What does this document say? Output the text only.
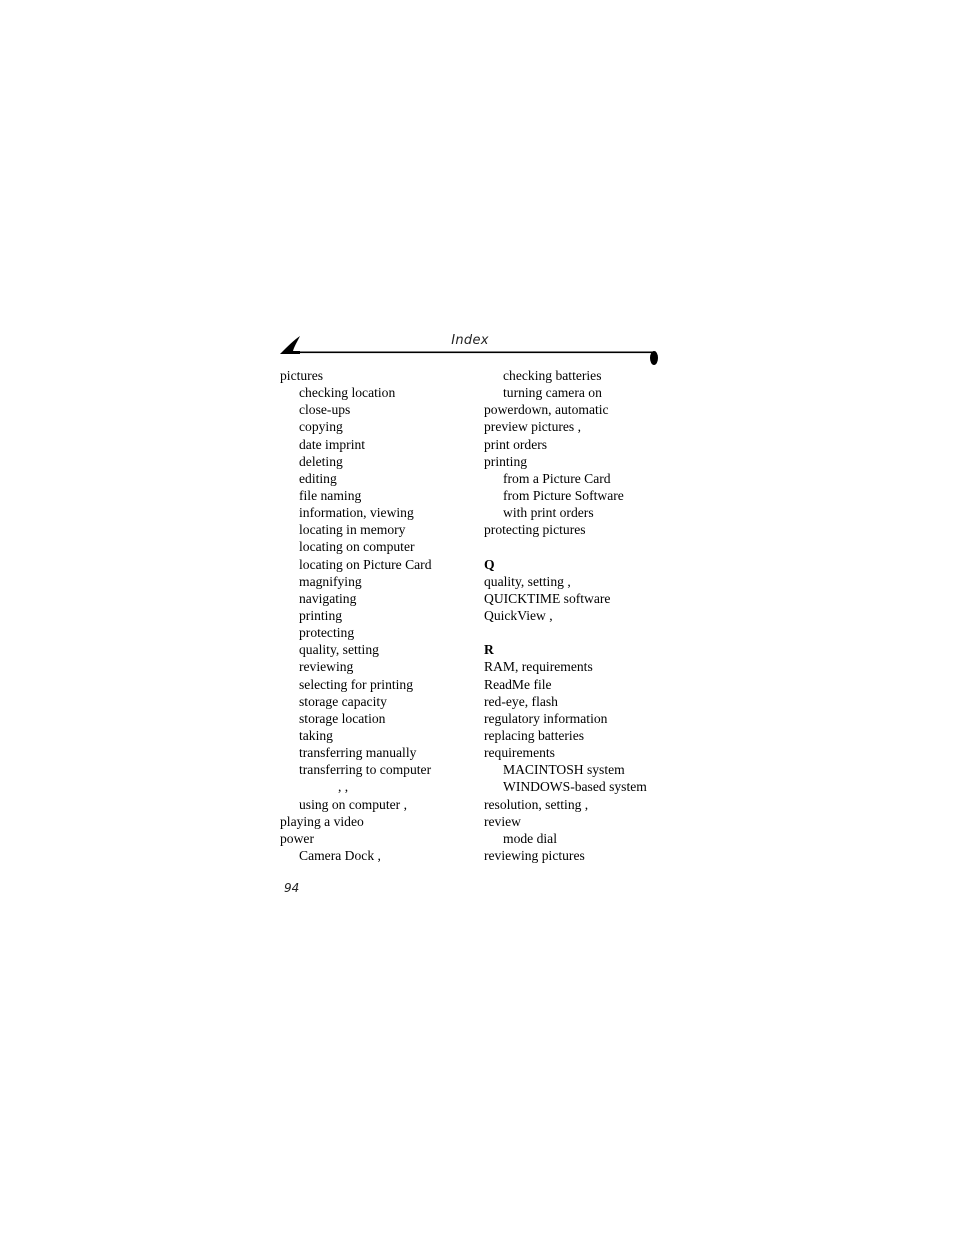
Index
pictures
checking location
close-ups
copying
date imprint
deleting
editing
file naming
information, viewing
locating in memory
locating on computer
locating on Picture Card
magnifying
navigating
printing
protecting
quality, setting
reviewing
selecting for printing
storage capacity
storage location
taking
transferring manually
transferring to computer
, ,
using on computer ,
playing a video
power
Camera Dock ,
checking batteries
turning camera on
powerdown, automatic
preview pictures ,
print orders
printing
from a Picture Card
from Picture Software
with print orders
protecting pictures
Q
quality, setting ,
QUICKTIME software
QuickView ,
R
RAM, requirements
ReadMe file
red-eye, flash
regulatory information
replacing batteries
requirements
MACINTOSH system
WINDOWS-based system
resolution, setting ,
review
mode dial
reviewing pictures
94
